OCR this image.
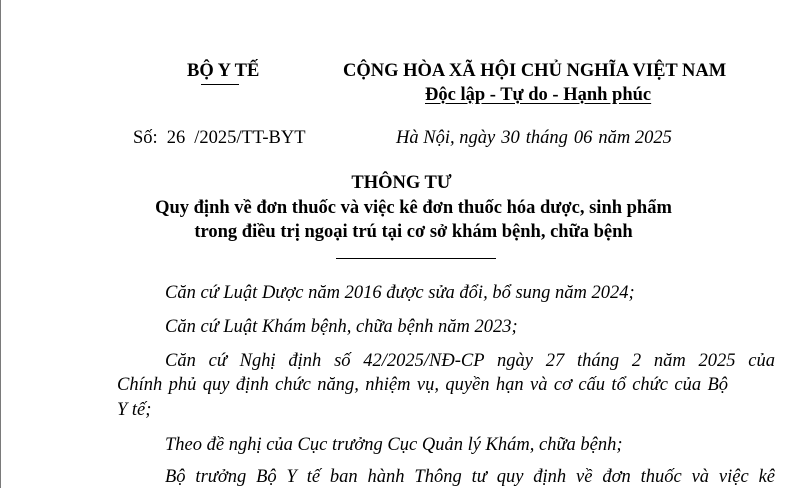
BỘ Y TẾ	CỘNG HÒA XÃ HỘI CHỦ NGHĨA VIỆT NAM
Độc lập - Tự do - Hạnh phúc
Số: 26 /2025/TT-BYT	Hà Nội, ngày 30 tháng 06 năm 2025
THÔNG TƯ
Quy định về đơn thuốc và việc kê đơn thuốc hóa dược, sinh phẩm
trong điều trị ngoại trú tại cơ sở khám bệnh, chữa bệnh
Căn cứ Luật Dược năm 2016 được sửa đổi, bổ sung năm 2024;
Căn cứ Luật Khám bệnh, chữa bệnh năm 2023;
Căn cứ Nghị định số 42/2025/NĐ-CP ngày 27 tháng 2 năm 2025 của
Chính phủ quy định chức năng, nhiệm vụ, quyền hạn và cơ cấu tổ chức của Bộ
Y tế;
Theo đề nghị của Cục trưởng Cục Quản lý Khám, chữa bệnh;
Bộ trưởng Bộ Y tế ban hành Thông tư quy định về đơn thuốc và việc kê
